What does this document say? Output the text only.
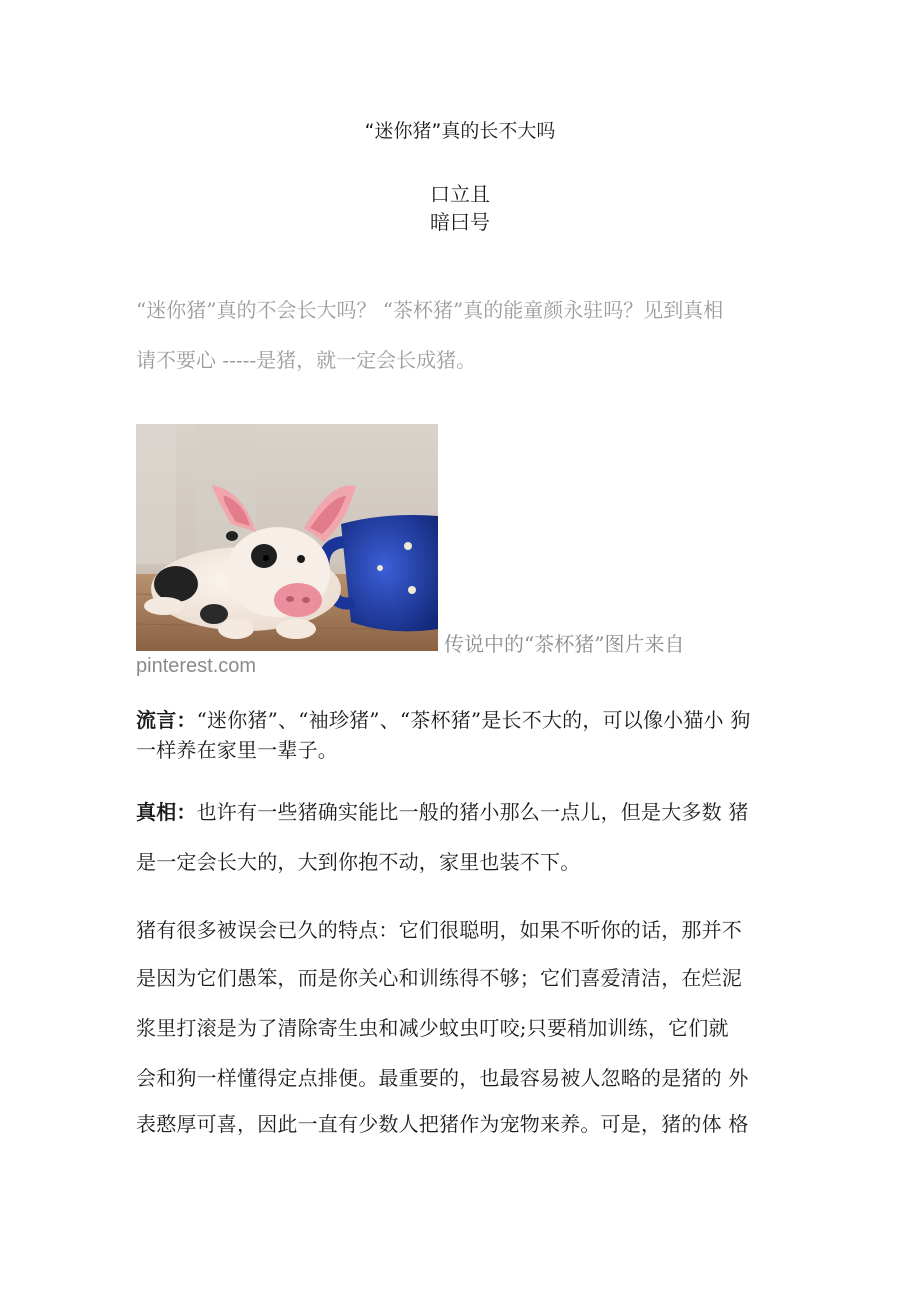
“迷你猪”真的长不大吗
口立且
暗曰号
“迷你猪”真的不会长大吗？ “茶杯猪”真的能童颜永驻吗？见到真相
请不要心 -----是猪，就一定会长成猪。
传说中的“茶杯猪”图片来自
pinterest.com
流言：“迷你猪”、“袖珍猪”、“茶杯猪”是长不大的，可以像小猫小 狗
一样养在家里一辈子。
真相：也许有一些猪确实能比一般的猪小那么一点儿，但是大多数 猪
是一定会长大的，大到你抱不动，家里也装不下。
猪有很多被误会已久的特点：它们很聪明，如果不听你的话，那并不
是因为它们愚笨，而是你关心和训练得不够；它们喜爱清洁，在烂泥
浆里打滚是为了清除寄生虫和减少蚊虫叮咬;只要稍加训练，它们就
会和狗一样懂得定点排便。最重要的，也最容易被人忽略的是猪的 外
表憨厚可喜，因此一直有少数人把猪作为宠物来养。可是，猪的体 格
